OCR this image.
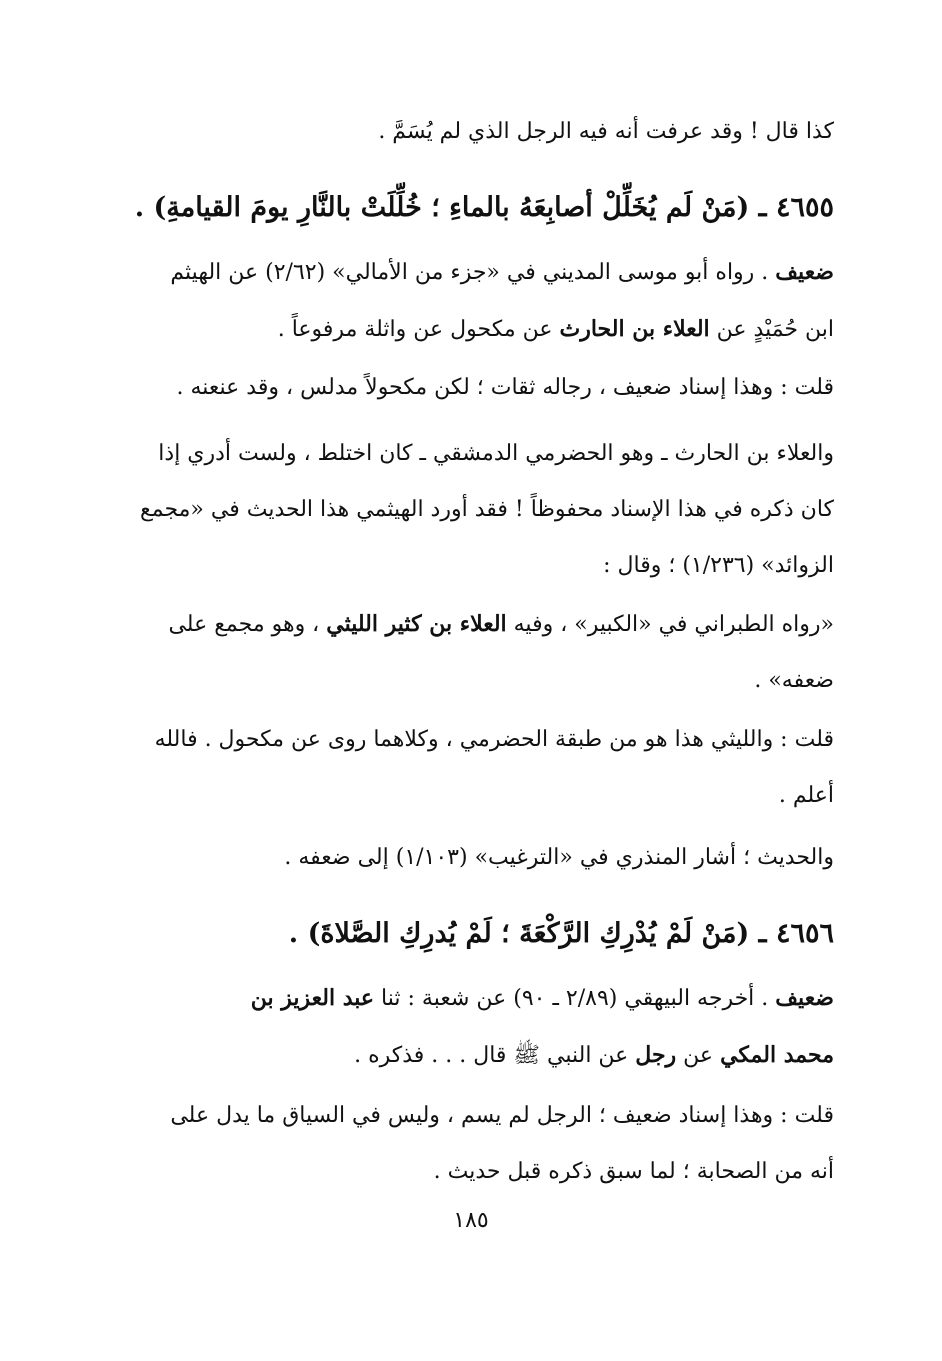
كذا قال ! وقد عرفت أنه فيه الرجل الذي لم يُسَمَّ .
٤٦٥٥ ـ (مَنْ لَم يُخَلِّلْ أصابِعَهُ بالماءِ ؛ خُلِّلَتْ بالنَّارِ يومَ القيامةِ) .
ضعيف . رواه أبو موسى المديني في «جزء من الأمالي» (٢/٦٢) عن الهيثم
ابن حُمَيْدٍ عن العلاء بن الحارث عن مكحول عن واثلة مرفوعاً .
قلت : وهذا إسناد ضعيف ، رجاله ثقات ؛ لكن مكحولاً مدلس ، وقد عنعنه .
والعلاء بن الحارث ـ وهو الحضرمي الدمشقي ـ كان اختلط ، ولست أدري إذا
كان ذكره في هذا الإسناد محفوظاً ! فقد أورد الهيثمي هذا الحديث في «مجمع
الزوائد» (١/٢٣٦) ؛ وقال :
«رواه الطبراني في «الكبير» ، وفيه العلاء بن كثير الليثي ، وهو مجمع على
ضعفه» .
قلت : والليثي هذا هو من طبقة الحضرمي ، وكلاهما روى عن مكحول . فالله
أعلم .
والحديث ؛ أشار المنذري في «الترغيب» (١/١٠٣) إلى ضعفه .
٤٦٥٦ ـ (مَنْ لَمْ يُدْرِكِ الرَّكْعَةَ ؛ لَمْ يُدرِكِ الصَّلاةَ) .
ضعيف . أخرجه البيهقي (٢/٨٩ ـ ٩٠) عن شعبة : ثنا عبد العزيز بن
محمد المكي عن رجل عن النبي ﷺ قال . . . فذكره .
قلت : وهذا إسناد ضعيف ؛ الرجل لم يسم ، وليس في السياق ما يدل على
أنه من الصحابة ؛ لما سبق ذكره قبل حديث .
١٨٥
